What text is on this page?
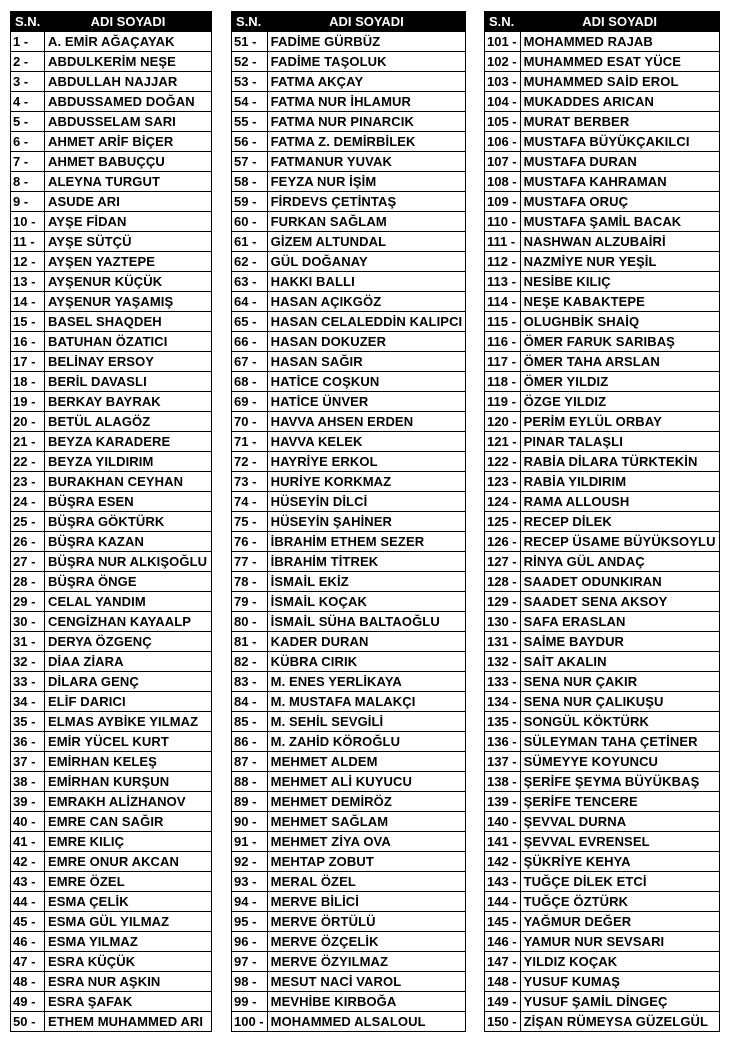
S.N.	ADI SOYADI
1 -	A. EMİR AĞAÇAYAK
2 -	ABDULKERİM NEŞE
3 -	ABDULLAH NAJJAR
4 -	ABDUSSAMED DOĞAN
5 -	ABDUSSELAM SARI
6 -	AHMET ARİF BİÇER
7 -	AHMET BABUÇÇU
8 -	ALEYNA TURGUT
9 -	ASUDE ARI
10 -	AYŞE FİDAN
11 -	AYŞE SÜTÇÜ
12 -	AYŞEN YAZTEPE
13 -	AYŞENUR KÜÇÜK
14 -	AYŞENUR YAŞAMIŞ
15 -	BASEL SHAQDEH
16 -	BATUHAN ÖZATICI
17 -	BELİNAY ERSOY
18 -	BERİL DAVASLI
19 -	BERKAY BAYRAK
20 -	BETÜL ALAGÖZ
21 -	BEYZA KARADERE
22 -	BEYZA YILDIRIM
23 -	BURAKHAN CEYHAN
24 -	BÜŞRA ESEN
25 -	BÜŞRA GÖKTÜRK
26 -	BÜŞRA KAZAN
27 -	BÜŞRA NUR ALKIŞOĞLU
28 -	BÜŞRA ÖNGE
29 -	CELAL YANDIM
30 -	CENGİZHAN KAYAALP
31 -	DERYA ÖZGENÇ
32 -	DİAA ZİARA
33 -	DİLARA GENÇ
34 -	ELİF DARICI
35 -	ELMAS AYBİKE YILMAZ
36 -	EMİR YÜCEL KURT
37 -	EMİRHAN KELEŞ
38 -	EMİRHAN KURŞUN
39 -	EMRAKH ALİZHANOV
40 -	EMRE CAN SAĞIR
41 -	EMRE KILIÇ
42 -	EMRE ONUR AKCAN
43 -	EMRE ÖZEL
44 -	ESMA ÇELİK
45 -	ESMA GÜL YILMAZ
46 -	ESMA YILMAZ
47 -	ESRA KÜÇÜK
48 -	ESRA NUR AŞKIN
49 -	ESRA ŞAFAK
50 -	ETHEM MUHAMMED ARI
S.N.	ADI SOYADI
51 -	FADİME GÜRBÜZ
52 -	FADİME TAŞOLUK
53 -	FATMA AKÇAY
54 -	FATMA NUR İHLAMUR
55 -	FATMA NUR PINARCIK
56 -	FATMA Z. DEMİRBİLEK
57 -	FATMANUR YUVAK
58 -	FEYZA NUR İŞİM
59 -	FİRDEVS ÇETİNTAŞ
60 -	FURKAN SAĞLAM
61 -	GİZEM ALTUNDAL
62 -	GÜL DOĞANAY
63 -	HAKKI BALLI
64 -	HASAN AÇIKGÖZ
65 -	HASAN CELALEDDİN KALIPCI
66 -	HASAN DOKUZER
67 -	HASAN SAĞIR
68 -	HATİCE COŞKUN
69 -	HATİCE ÜNVER
70 -	HAVVA AHSEN ERDEN
71 -	HAVVA KELEK
72 -	HAYRİYE ERKOL
73 -	HURİYE KORKMAZ
74 -	HÜSEYİN DİLCİ
75 -	HÜSEYİN ŞAHİNER
76 -	İBRAHİM ETHEM SEZER
77 -	İBRAHİM TİTREK
78 -	İSMAİL EKİZ
79 -	İSMAİL KOÇAK
80 -	İSMAİL SÜHA BALTAOĞLU
81 -	KADER DURAN
82 -	KÜBRA CIRIK
83 -	M. ENES YERLİKAYA
84 -	M. MUSTAFA MALAKÇI
85 -	M. SEHİL SEVGİLİ
86 -	M. ZAHİD KÖROĞLU
87 -	MEHMET ALDEM
88 -	MEHMET ALİ KUYUCU
89 -	MEHMET DEMİRÖZ
90 -	MEHMET SAĞLAM
91 -	MEHMET ZİYA OVA
92 -	MEHTAP ZOBUT
93 -	MERAL ÖZEL
94 -	MERVE BİLİCİ
95 -	MERVE ÖRTÜLÜ
96 -	MERVE ÖZÇELİK
97 -	MERVE ÖZYILMAZ
98 -	MESUT NACİ VAROL
99 -	MEVHİBE KIRBOĞA
100 -	MOHAMMED ALSALOUL
S.N.	ADI SOYADI
101 -	MOHAMMED RAJAB
102 -	MUHAMMED ESAT YÜCE
103 -	MUHAMMED SAİD EROL
104 -	MUKADDES ARICAN
105 -	MURAT BERBER
106 -	MUSTAFA BÜYÜKÇAKILCI
107 -	MUSTAFA DURAN
108 -	MUSTAFA KAHRAMAN
109 -	MUSTAFA ORUÇ
110 -	MUSTAFA ŞAMİL BACAK
111 -	NASHWAN ALZUBAİRİ
112 -	NAZMİYE NUR YEŞİL
113 -	NESİBE KILIÇ
114 -	NEŞE KABAKTEPE
115 -	OLUGHBİK SHAİQ
116 -	ÖMER FARUK SARIBAŞ
117 -	ÖMER TAHA ARSLAN
118 -	ÖMER YILDIZ
119 -	ÖZGE YILDIZ
120 -	PERİM EYLÜL ORBAY
121 -	PINAR TALAŞLI
122 -	RABİA DİLARA TÜRKTEKİN
123 -	RABİA YILDIRIM
124 -	RAMA ALLOUSH
125 -	RECEP DİLEK
126 -	RECEP ÜSAME BÜYÜKSOYLU
127 -	RİNYA GÜL ANDAÇ
128 -	SAADET ODUNKIRAN
129 -	SAADET SENA AKSOY
130 -	SAFA ERASLAN
131 -	SAİME BAYDUR
132 -	SAİT AKALIN
133 -	SENA NUR ÇAKIR
134 -	SENA NUR ÇALIKUŞU
135 -	SONGÜL KÖKTÜRK
136 -	SÜLEYMAN TAHA ÇETİNER
137 -	SÜMEYYE KOYUNCU
138 -	ŞERİFE ŞEYMA BÜYÜKBAŞ
139 -	ŞERİFE TENCERE
140 -	ŞEVVAL DURNA
141 -	ŞEVVAL EVRENSEL
142 -	ŞÜKRİYE KEHYA
143 -	TUĞÇE DİLEK ETCİ
144 -	TUĞÇE ÖZTÜRK
145 -	YAĞMUR DEĞER
146 -	YAMUR NUR SEVSARI
147 -	YILDIZ KOÇAK
148 -	YUSUF KUMAŞ
149 -	YUSUF ŞAMİL DİNGEÇ
150 -	ZİŞAN RÜMEYSA GÜZELGÜL
